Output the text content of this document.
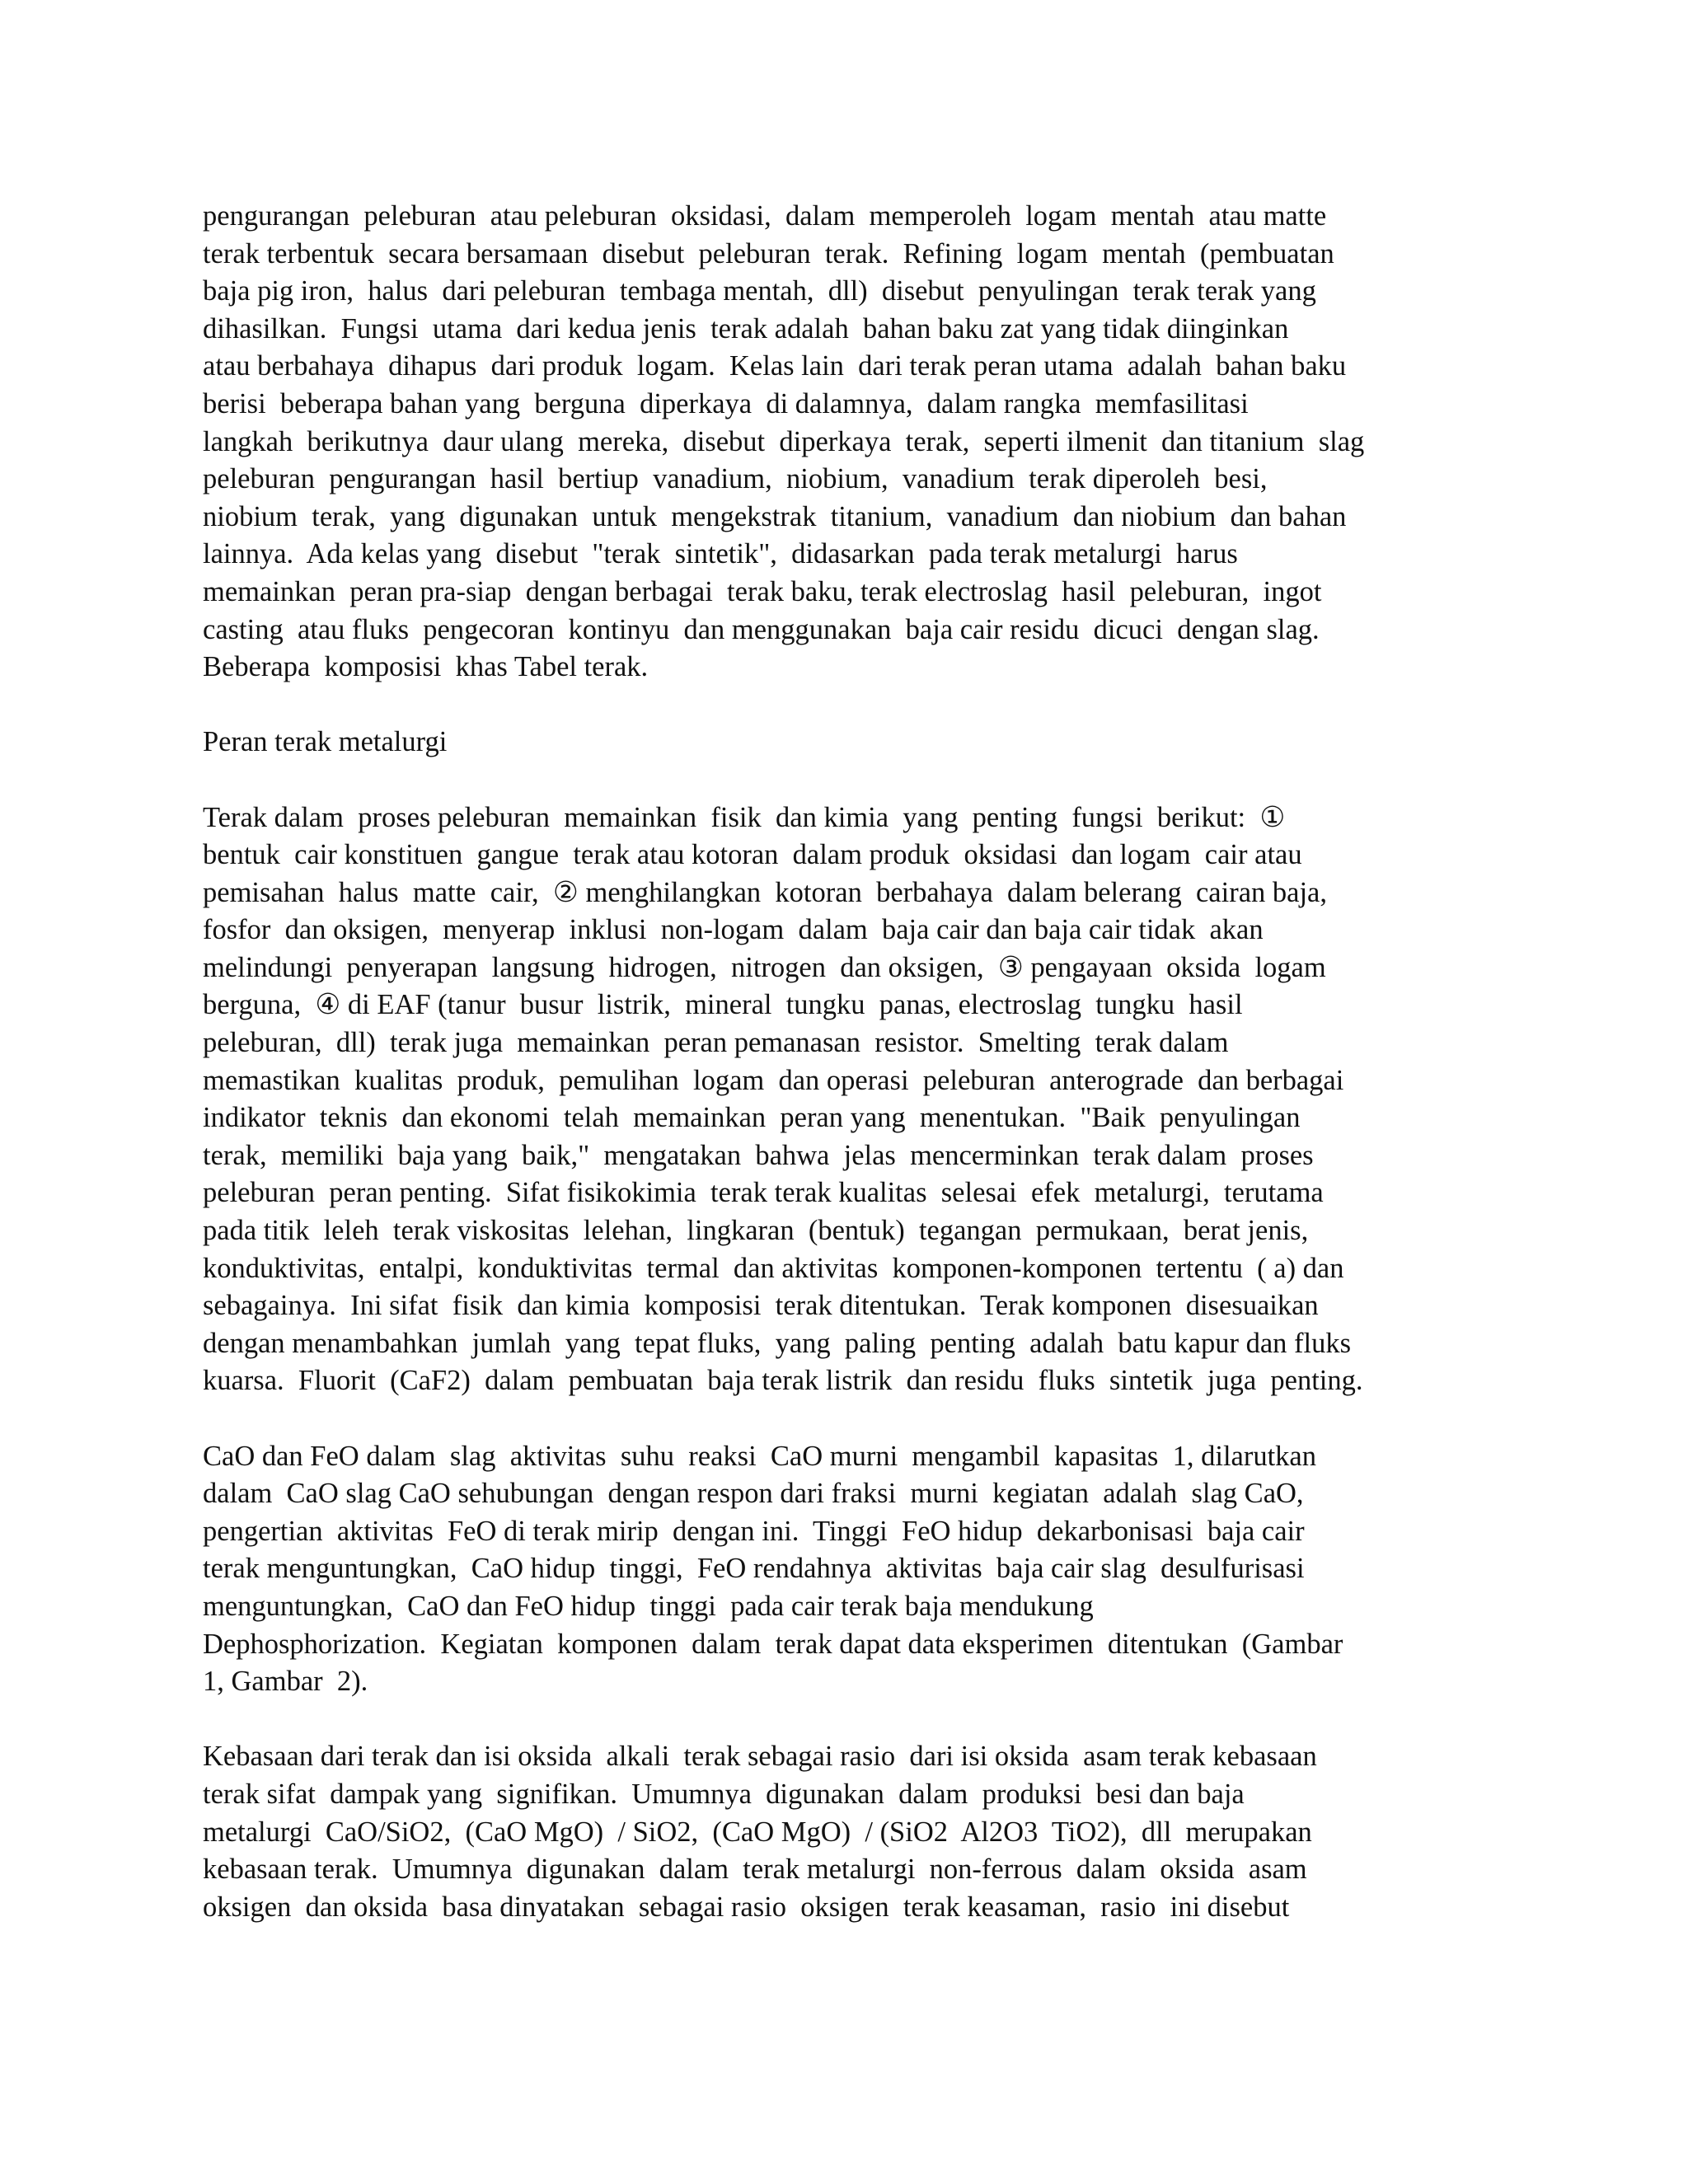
pengurangan  peleburan  atau peleburan  oksidasi,  dalam  memperoleh  logam  mentah  atau matte
terak terbentuk  secara bersamaan  disebut  peleburan  terak.  Refining  logam  mentah  (pembuatan
baja pig iron,  halus  dari peleburan  tembaga mentah,  dll)  disebut  penyulingan  terak terak yang
dihasilkan.  Fungsi  utama  dari kedua jenis  terak adalah  bahan baku zat yang tidak diinginkan
atau berbahaya  dihapus  dari produk  logam.  Kelas lain  dari terak peran utama  adalah  bahan baku
berisi  beberapa bahan yang  berguna  diperkaya  di dalamnya,  dalam rangka  memfasilitasi
langkah  berikutnya  daur ulang  mereka,  disebut  diperkaya  terak,  seperti ilmenit  dan titanium  slag
peleburan  pengurangan  hasil  bertiup  vanadium,  niobium,  vanadium  terak diperoleh  besi,
niobium  terak,  yang  digunakan  untuk  mengekstrak  titanium,  vanadium  dan niobium  dan bahan
lainnya.  Ada kelas yang  disebut  "terak  sintetik",  didasarkan  pada terak metalurgi  harus
memainkan  peran pra-siap  dengan berbagai  terak baku, terak electroslag  hasil  peleburan,  ingot
casting  atau fluks  pengecoran  kontinyu  dan menggunakan  baja cair residu  dicuci  dengan slag.
Beberapa  komposisi  khas Tabel terak.
Peran terak metalurgi
Terak dalam  proses peleburan  memainkan  fisik  dan kimia  yang  penting  fungsi  berikut:  ①
bentuk  cair konstituen  gangue  terak atau kotoran  dalam produk  oksidasi  dan logam  cair atau
pemisahan  halus  matte  cair,  ② menghilangkan  kotoran  berbahaya  dalam belerang  cairan baja,
fosfor  dan oksigen,  menyerap  inklusi  non-logam  dalam  baja cair dan baja cair tidak  akan
melindungi  penyerapan  langsung  hidrogen,  nitrogen  dan oksigen,  ③ pengayaan  oksida  logam
berguna,  ④ di EAF (tanur  busur  listrik,  mineral  tungku  panas, electroslag  tungku  hasil
peleburan,  dll)  terak juga  memainkan  peran pemanasan  resistor.  Smelting  terak dalam
memastikan  kualitas  produk,  pemulihan  logam  dan operasi  peleburan  anterograde  dan berbagai
indikator  teknis  dan ekonomi  telah  memainkan  peran yang  menentukan.  "Baik  penyulingan
terak,  memiliki  baja yang  baik,"  mengatakan  bahwa  jelas  mencerminkan  terak dalam  proses
peleburan  peran penting.  Sifat fisikokimia  terak terak kualitas  selesai  efek  metalurgi,  terutama
pada titik  leleh  terak viskositas  lelehan,  lingkaran  (bentuk)  tegangan  permukaan,  berat jenis,
konduktivitas,  entalpi,  konduktivitas  termal  dan aktivitas  komponen-komponen  tertentu  ( a) dan
sebagainya.  Ini sifat  fisik  dan kimia  komposisi  terak ditentukan.  Terak komponen  disesuaikan
dengan menambahkan  jumlah  yang  tepat fluks,  yang  paling  penting  adalah  batu kapur dan fluks
kuarsa.  Fluorit  (CaF2)  dalam  pembuatan  baja terak listrik  dan residu  fluks  sintetik  juga  penting.
CaO dan FeO dalam  slag  aktivitas  suhu  reaksi  CaO murni  mengambil  kapasitas  1, dilarutkan
dalam  CaO slag CaO sehubungan  dengan respon dari fraksi  murni  kegiatan  adalah  slag CaO,
pengertian  aktivitas  FeO di terak mirip  dengan ini.  Tinggi  FeO hidup  dekarbonisasi  baja cair
terak menguntungkan,  CaO hidup  tinggi,  FeO rendahnya  aktivitas  baja cair slag  desulfurisasi
menguntungkan,  CaO dan FeO hidup  tinggi  pada cair terak baja mendukung
Dephosphorization.  Kegiatan  komponen  dalam  terak dapat data eksperimen  ditentukan  (Gambar
1, Gambar  2).
Kebasaan dari terak dan isi oksida  alkali  terak sebagai rasio  dari isi oksida  asam terak kebasaan
terak sifat  dampak yang  signifikan.  Umumnya  digunakan  dalam  produksi  besi dan baja
metalurgi  CaO/SiO2,  (CaO MgO)  / SiO2,  (CaO MgO)  / (SiO2  Al2O3  TiO2),  dll  merupakan
kebasaan terak.  Umumnya  digunakan  dalam  terak metalurgi  non-ferrous  dalam  oksida  asam
oksigen  dan oksida  basa dinyatakan  sebagai rasio  oksigen  terak keasaman,  rasio  ini disebut
